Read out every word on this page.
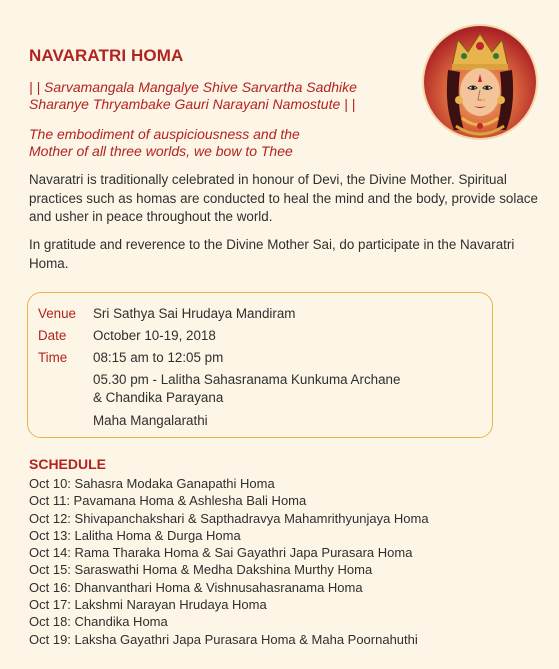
NAVARATRI HOMA
| | Sarvamangala Mangalye Shive Sarvartha Sadhike
Sharanye Thryambake Gauri Narayani Namostute | |
The embodiment of auspiciousness and the
Mother of all three worlds, we bow to Thee
Navaratri is traditionally celebrated in honour of Devi, the Divine Mother. Spiritual practices such as homas are conducted to heal the mind and the body, provide solace and usher in peace throughout the world.
In gratitude and reverence to the Divine Mother Sai, do participate in the Navaratri Homa.
Venue Sri Sathya Sai Hrudaya Mandiram
Date October 10-19, 2018
Time 08:15 am to 12:05 pm
05.30 pm - Lalitha Sahasranama Kunkuma Archane
& Chandika Parayana
Maha Mangalarathi
SCHEDULE
Oct 10: Sahasra Modaka Ganapathi Homa
Oct 11: Pavamana Homa & Ashlesha Bali Homa
Oct 12: Shivapanchakshari & Sapthadravya Mahamrithyunjaya Homa
Oct 13: Lalitha Homa & Durga Homa
Oct 14: Rama Tharaka Homa & Sai Gayathri Japa Purasara Homa
Oct 15: Saraswathi Homa & Medha Dakshina Murthy Homa
Oct 16: Dhanvanthari Homa & Vishnusahasranama Homa
Oct 17: Lakshmi Narayan Hrudaya Homa
Oct 18: Chandika Homa
Oct 19: Laksha Gayathri Japa Purasara Homa & Maha Poornahuthi
